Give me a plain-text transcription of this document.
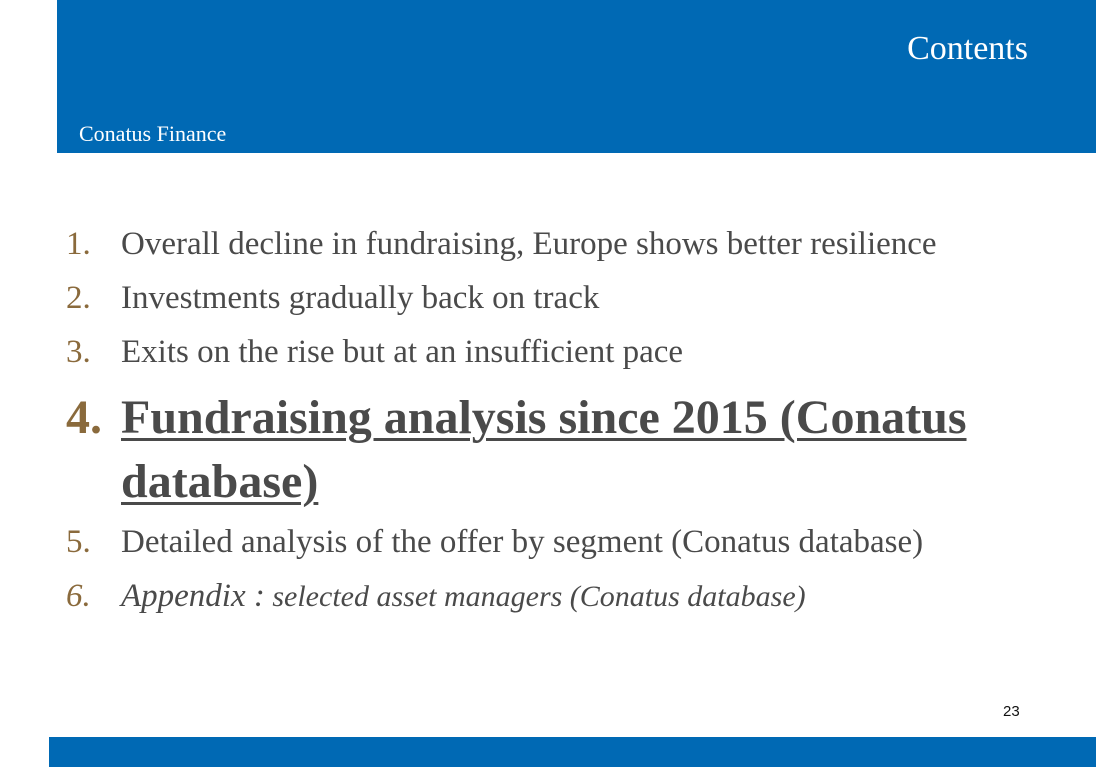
Contents
Conatus Finance
1. Overall decline in fundraising, Europe shows better resilience
2. Investments gradually back on track
3. Exits on the rise but at an insufficient pace
4. Fundraising analysis since 2015 (Conatus database)
5. Detailed analysis of the offer by segment (Conatus database)
6. Appendix : selected asset managers (Conatus database)
23
